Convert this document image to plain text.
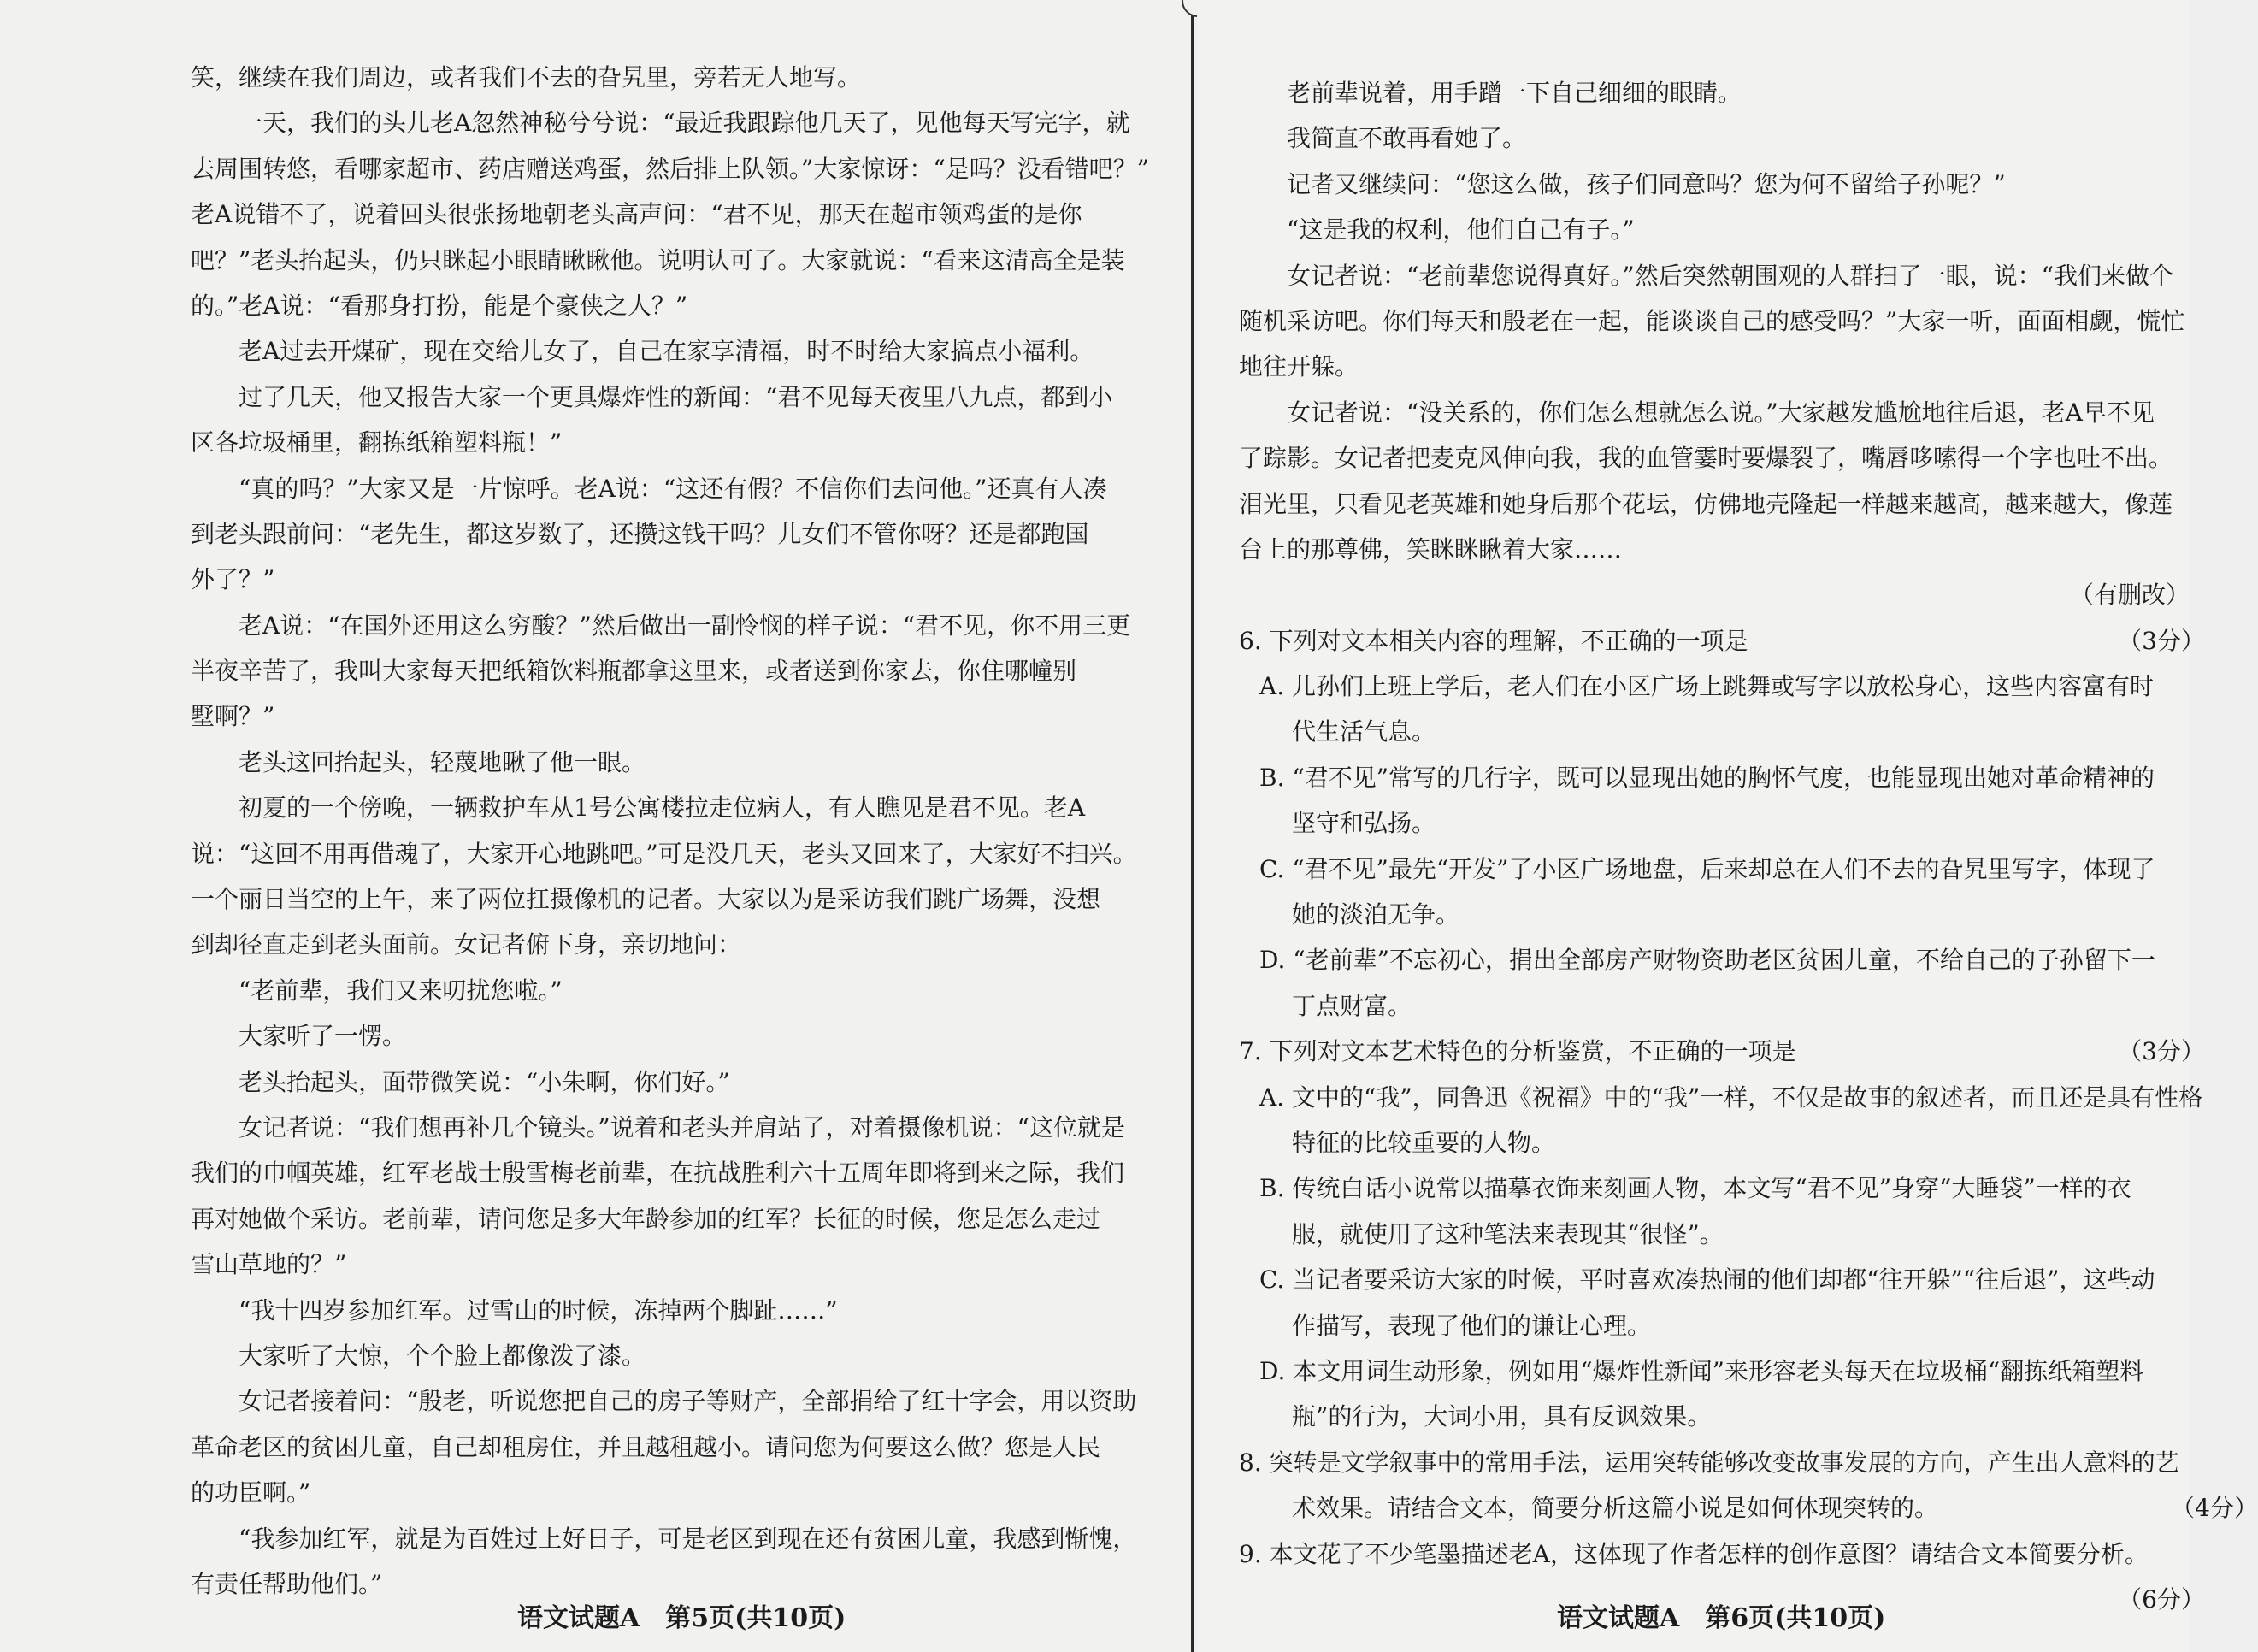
笑，继续在我们周边，或者我们不去的旮旯里，旁若无人地写。

一天，我们的头儿老A忽然神秘兮兮说：“最近我跟踪他几天了，见他每天写完字，就

去周围转悠，看哪家超市、药店赠送鸡蛋，然后排上队领。”大家惊讶：“是吗？没看错吧？”

老A说错不了，说着回头很张扬地朝老头高声问：“君不见，那天在超市领鸡蛋的是你

吧？”老头抬起头，仍只眯起小眼睛瞅瞅他。说明认可了。大家就说：“看来这清高全是装

的。”老A说：“看那身打扮，能是个豪侠之人？”

老A过去开煤矿，现在交给儿女了，自己在家享清福，时不时给大家搞点小福利。

过了几天，他又报告大家一个更具爆炸性的新闻：“君不见每天夜里八九点，都到小

区各垃圾桶里，翻拣纸箱塑料瓶！”

“真的吗？”大家又是一片惊呼。老A说：“这还有假？不信你们去问他。”还真有人凑

到老头跟前问：“老先生，都这岁数了，还攒这钱干吗？儿女们不管你呀？还是都跑国

外了？”

老A说：“在国外还用这么穷酸？”然后做出一副怜悯的样子说：“君不见，你不用三更

半夜辛苦了，我叫大家每天把纸箱饮料瓶都拿这里来，或者送到你家去，你住哪幢别

墅啊？”

老头这回抬起头，轻蔑地瞅了他一眼。

初夏的一个傍晚，一辆救护车从1号公寓楼拉走位病人，有人瞧见是君不见。老A

说：“这回不用再借魂了，大家开心地跳吧。”可是没几天，老头又回来了，大家好不扫兴。

一个丽日当空的上午，来了两位扛摄像机的记者。大家以为是采访我们跳广场舞，没想

到却径直走到老头面前。女记者俯下身，亲切地问：

“老前辈，我们又来叨扰您啦。”

大家听了一愣。

老头抬起头，面带微笑说：“小朱啊，你们好。”

女记者说：“我们想再补几个镜头。”说着和老头并肩站了，对着摄像机说：“这位就是

我们的巾帼英雄，红军老战士殷雪梅老前辈，在抗战胜利六十五周年即将到来之际，我们

再对她做个采访。老前辈，请问您是多大年龄参加的红军？长征的时候，您是怎么走过

雪山草地的？”

“我十四岁参加红军。过雪山的时候，冻掉两个脚趾……”

大家听了大惊，个个脸上都像泼了漆。

女记者接着问：“殷老，听说您把自己的房子等财产，全部捐给了红十字会，用以资助

革命老区的贫困儿童，自己却租房住，并且越租越小。请问您为何要这么做？您是人民

的功臣啊。”

“我参加红军，就是为百姓过上好日子，可是老区到现在还有贫困儿童，我感到惭愧，

有责任帮助他们。”

语文试题A　第5页(共10页)

老前辈说着，用手蹭一下自己细细的眼睛。

我简直不敢再看她了。

记者又继续问：“您这么做，孩子们同意吗？您为何不留给子孙呢？”

“这是我的权利，他们自己有子。”

女记者说：“老前辈您说得真好。”然后突然朝围观的人群扫了一眼，说：“我们来做个

随机采访吧。你们每天和殷老在一起，能谈谈自己的感受吗？”大家一听，面面相觑，慌忙

地往开躲。

女记者说：“没关系的，你们怎么想就怎么说。”大家越发尴尬地往后退，老A早不见

了踪影。女记者把麦克风伸向我，我的血管霎时要爆裂了，嘴唇哆嗦得一个字也吐不出。

泪光里，只看见老英雄和她身后那个花坛，仿佛地壳隆起一样越来越高，越来越大，像莲

台上的那尊佛，笑眯眯瞅着大家……

（有删改）

6. 下列对文本相关内容的理解，不正确的一项是	（3分）

A. 儿孙们上班上学后，老人们在小区广场上跳舞或写字以放松身心，这些内容富有时

代生活气息。

B. “君不见”常写的几行字，既可以显现出她的胸怀气度，也能显现出她对革命精神的

坚守和弘扬。

C. “君不见”最先“开发”了小区广场地盘，后来却总在人们不去的旮旯里写字，体现了

她的淡泊无争。

D. “老前辈”不忘初心，捐出全部房产财物资助老区贫困儿童，不给自己的子孙留下一

丁点财富。

7. 下列对文本艺术特色的分析鉴赏，不正确的一项是	（3分）

A. 文中的“我”，同鲁迅《祝福》中的“我”一样，不仅是故事的叙述者，而且还是具有性格

特征的比较重要的人物。

B. 传统白话小说常以描摹衣饰来刻画人物，本文写“君不见”身穿“大睡袋”一样的衣

服，就使用了这种笔法来表现其“很怪”。

C. 当记者要采访大家的时候，平时喜欢凑热闹的他们却都“往开躲”“往后退”，这些动

作描写，表现了他们的谦让心理。

D. 本文用词生动形象，例如用“爆炸性新闻”来形容老头每天在垃圾桶“翻拣纸箱塑料

瓶”的行为，大词小用，具有反讽效果。

8. 突转是文学叙事中的常用手法，运用突转能够改变故事发展的方向，产生出人意料的艺

术效果。请结合文本，简要分析这篇小说是如何体现突转的。	（4分）

9. 本文花了不少笔墨描述老A，这体现了作者怎样的创作意图？请结合文本简要分析。

（6分）

语文试题A　第6页(共10页)
